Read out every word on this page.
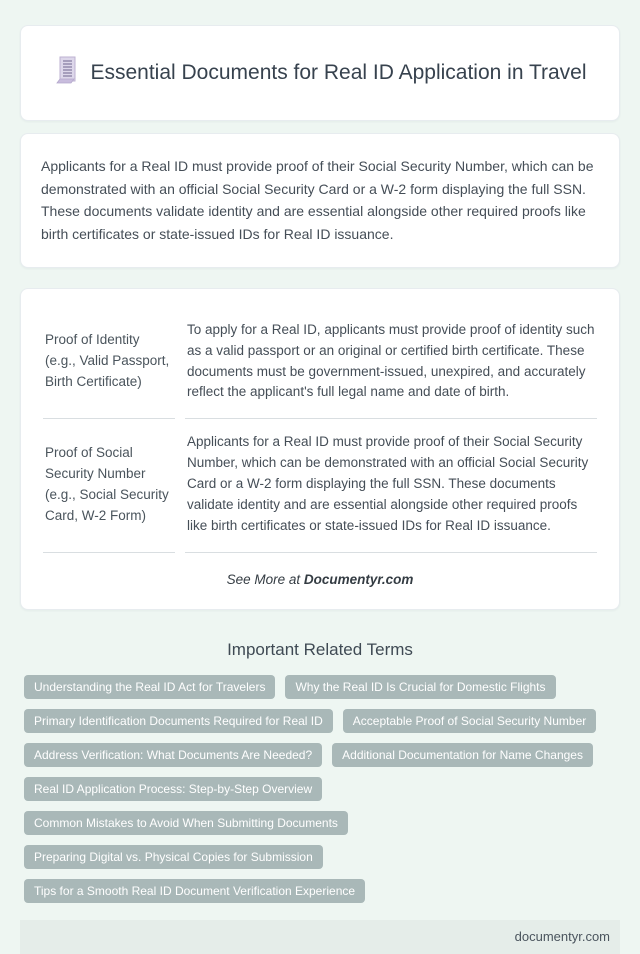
Essential Documents for Real ID Application in Travel

Applicants for a Real ID must provide proof of their Social Security Number, which can be demonstrated with an official Social Security Card or a W-2 form displaying the full SSN. These documents validate identity and are essential alongside other required proofs like birth certificates or state-issued IDs for Real ID issuance.

Proof of Identity (e.g., Valid Passport, Birth Certificate)	To apply for a Real ID, applicants must provide proof of identity such as a valid passport or an original or certified birth certificate. These documents must be government-issued, unexpired, and accurately reflect the applicant's full legal name and date of birth.
Proof of Social Security Number (e.g., Social Security Card, W-2 Form)	Applicants for a Real ID must provide proof of their Social Security Number, which can be demonstrated with an official Social Security Card or a W-2 form displaying the full SSN. These documents validate identity and are essential alongside other required proofs like birth certificates or state-issued IDs for Real ID issuance.
See More at Documentyr.com
Important Related Terms
Understanding the Real ID Act for Travelers	Why the Real ID Is Crucial for Domestic Flights
Primary Identification Documents Required for Real ID	Acceptable Proof of Social Security Number
Address Verification: What Documents Are Needed?	Additional Documentation for Name Changes
Real ID Application Process: Step-by-Step Overview
Common Mistakes to Avoid When Submitting Documents
Preparing Digital vs. Physical Copies for Submission
Tips for a Smooth Real ID Document Verification Experience
documentyr.com
